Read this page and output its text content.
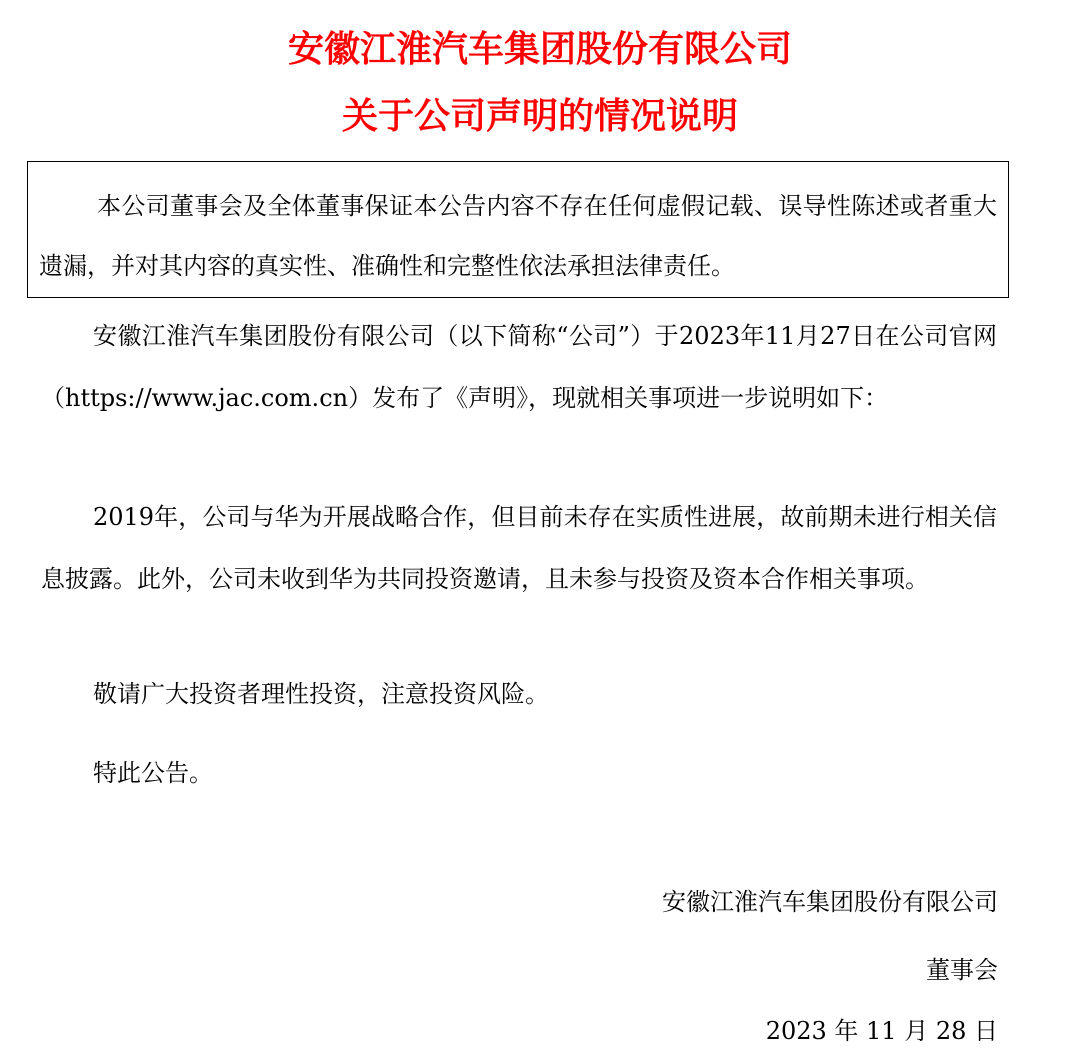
安徽江淮汽车集团股份有限公司
关于公司声明的情况说明

本公司董事会及全体董事保证本公告内容不存在任何虚假记载、误导性陈述或者重大遗漏，并对其内容的真实性、准确性和完整性依法承担法律责任。

安徽江淮汽车集团股份有限公司（以下简称“公司”）于2023年11月27日在公司官网（https://www.jac.com.cn）发布了《声明》，现就相关事项进一步说明如下：

2019年，公司与华为开展战略合作，但目前未存在实质性进展，故前期未进行相关信息披露。此外，公司未收到华为共同投资邀请，且未参与投资及资本合作相关事项。

敬请广大投资者理性投资，注意投资风险。

特此公告。

安徽江淮汽车集团股份有限公司

董事会

2023 年 11 月 28 日
